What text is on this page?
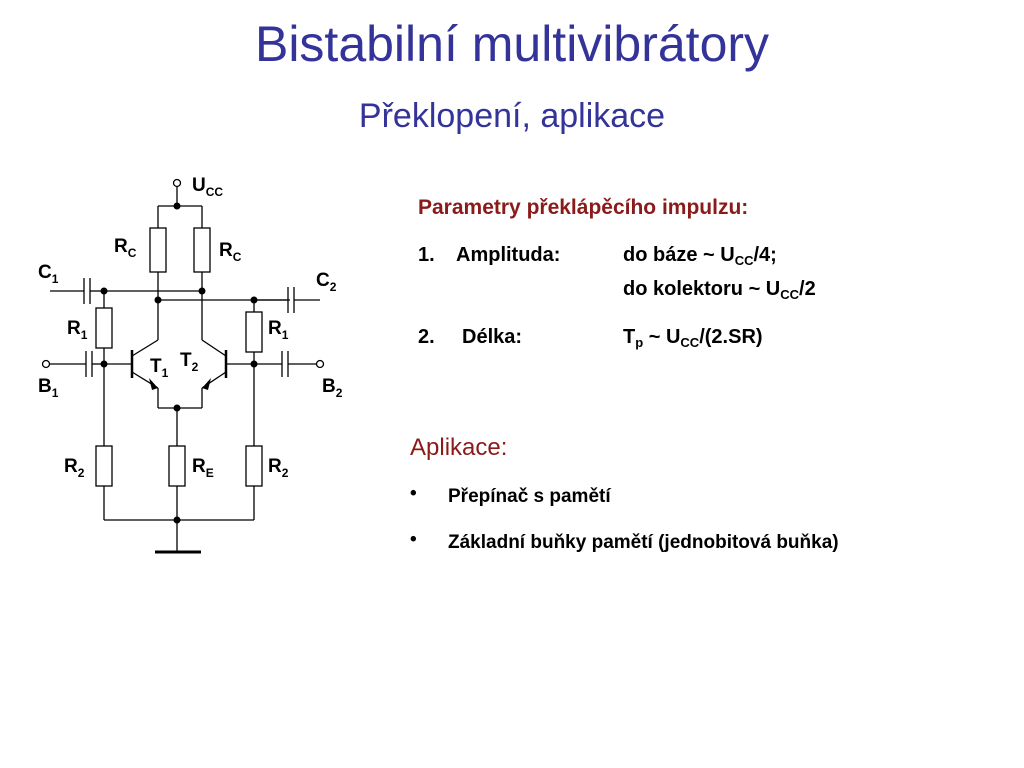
Bistabilní multivibrátory
Překlopení, aplikace
$U_{CC}$
$R_C$	$R_C$
$C_1$	$C_2$
$R_1$	$R_1$
$T_1$
$T_2$
$B_1$	$B_2$
$R_2$	$R_E$	$R_2$
Parametry překlápěcího impulzu:
1. Amplituda:	do báze ~ $U_{CC}/4$;
do kolektoru ~ $U_{CC}/2$
2. Délka:	$T_p$ ~ $U_{CC}/(2.SR)$
Aplikace:
• Přepínač s pamětí
• Základní buňky pamětí (jednobitová buňka)
